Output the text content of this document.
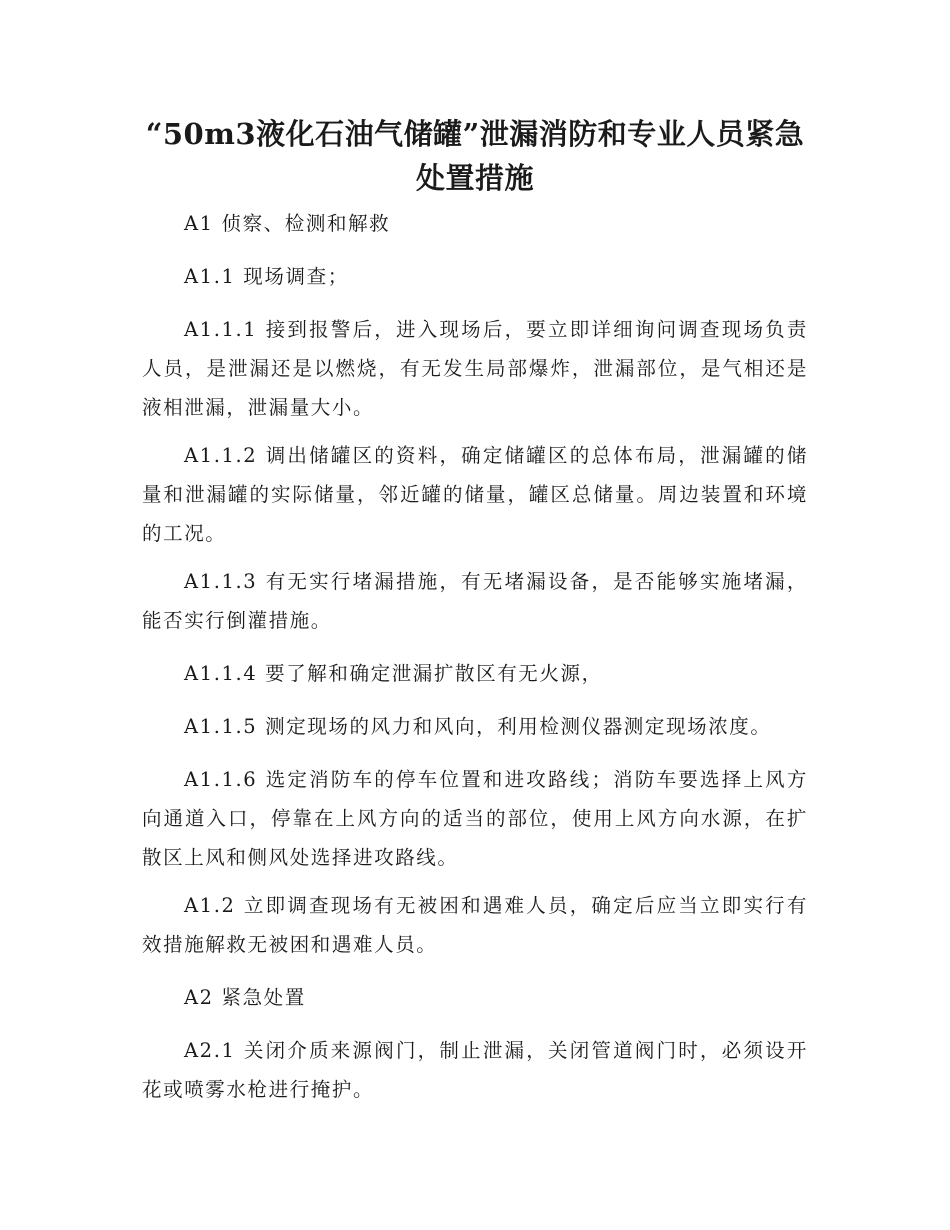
“50m3液化石油气储罐”泄漏消防和专业人员紧急处置措施

A1 侦察、检测和解救

A1.1 现场调查；

A1.1.1 接到报警后，进入现场后，要立即详细询问调查现场负责人员，是泄漏还是以燃烧，有无发生局部爆炸，泄漏部位，是气相还是液相泄漏，泄漏量大小。

A1.1.2 调出储罐区的资料，确定储罐区的总体布局，泄漏罐的储量和泄漏罐的实际储量，邻近罐的储量，罐区总储量。周边装置和环境的工况。

A1.1.3 有无实行堵漏措施，有无堵漏设备，是否能够实施堵漏，能否实行倒灌措施。

A1.1.4 要了解和确定泄漏扩散区有无火源，

A1.1.5 测定现场的风力和风向，利用检测仪器测定现场浓度。

A1.1.6 选定消防车的停车位置和进攻路线；消防车要选择上风方向通道入口，停靠在上风方向的适当的部位，使用上风方向水源，在扩散区上风和侧风处选择进攻路线。

A1.2 立即调查现场有无被困和遇难人员，确定后应当立即实行有效措施解救无被困和遇难人员。

A2 紧急处置

A2.1 关闭介质来源阀门，制止泄漏，关闭管道阀门时，必须设开花或喷雾水枪进行掩护。
